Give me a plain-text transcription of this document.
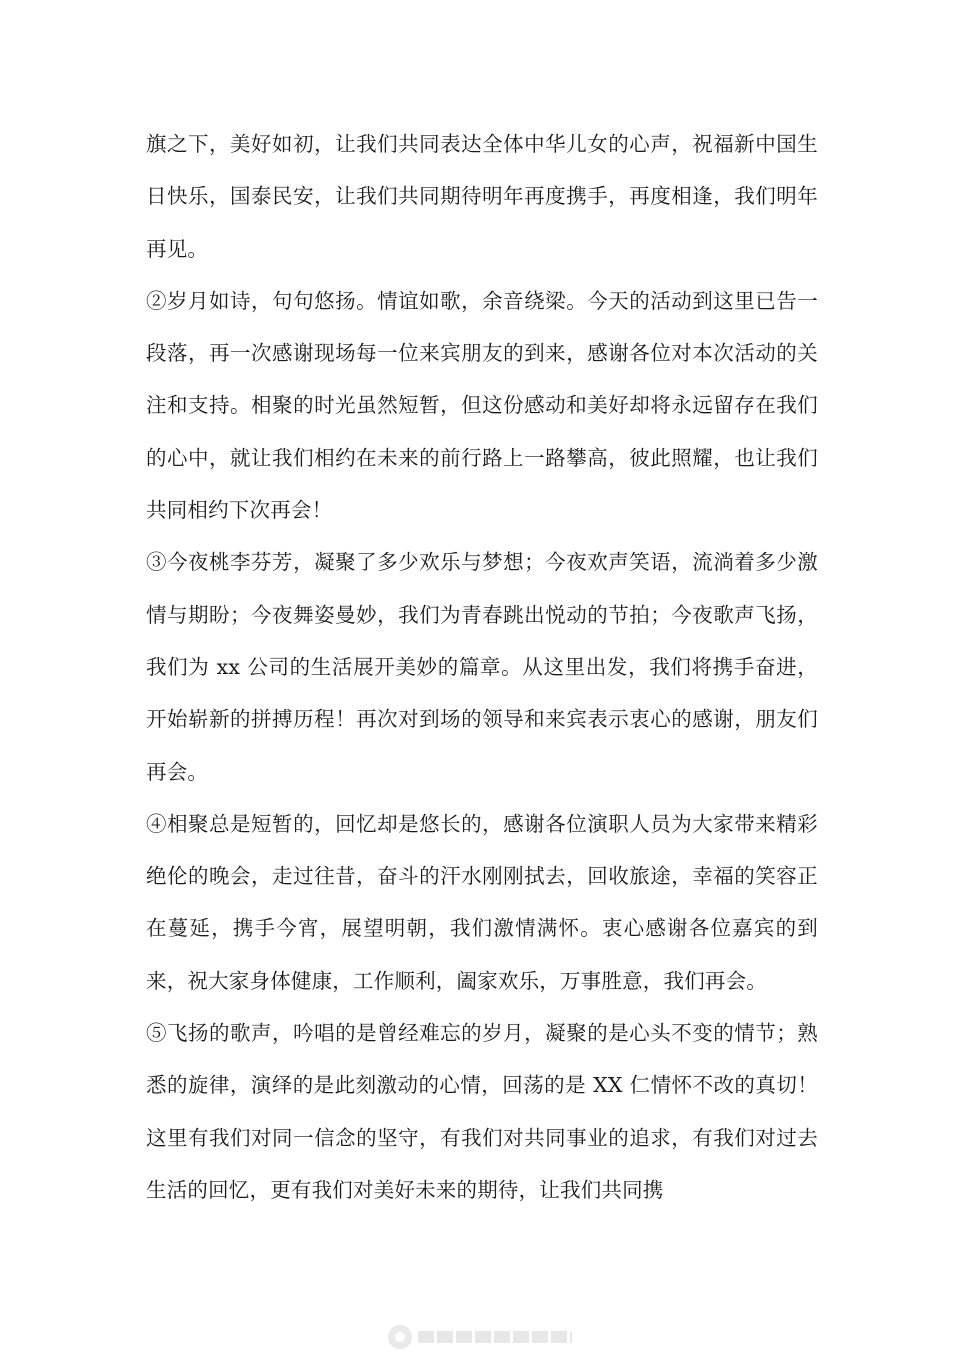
旗之下，美好如初，让我们共同表达全体中华儿女的心声，祝福新中国生日快乐，国泰民安，让我们共同期待明年再度携手，再度相逢，我们明年再见。

②岁月如诗，句句悠扬。情谊如歌，余音绕梁。今天的活动到这里已告一段落，再一次感谢现场每一位来宾朋友的到来，感谢各位对本次活动的关注和支持。相聚的时光虽然短暂，但这份感动和美好却将永远留存在我们的心中，就让我们相约在未来的前行路上一路攀高，彼此照耀，也让我们共同相约下次再会！

③今夜桃李芬芳，凝聚了多少欢乐与梦想；今夜欢声笑语，流淌着多少激情与期盼；今夜舞姿曼妙，我们为青春跳出悦动的节拍；今夜歌声飞扬，我们为 xx 公司的生活展开美妙的篇章。从这里出发，我们将携手奋进，开始崭新的拼搏历程！再次对到场的领导和来宾表示衷心的感谢，朋友们再会。

④相聚总是短暂的，回忆却是悠长的，感谢各位演职人员为大家带来精彩绝伦的晚会，走过往昔，奋斗的汗水刚刚拭去，回收旅途，幸福的笑容正在蔓延，携手今宵，展望明朝，我们激情满怀。衷心感谢各位嘉宾的到来，祝大家身体健康，工作顺利，阖家欢乐，万事胜意，我们再会。

⑤飞扬的歌声，吟唱的是曾经难忘的岁月，凝聚的是心头不变的情节；熟悉的旋律，演绎的是此刻激动的心情，回荡的是 XX 仁情怀不改的真切！这里有我们对同一信念的坚守，有我们对共同事业的追求，有我们对过去生活的回忆，更有我们对美好未来的期待，让我们共同携
